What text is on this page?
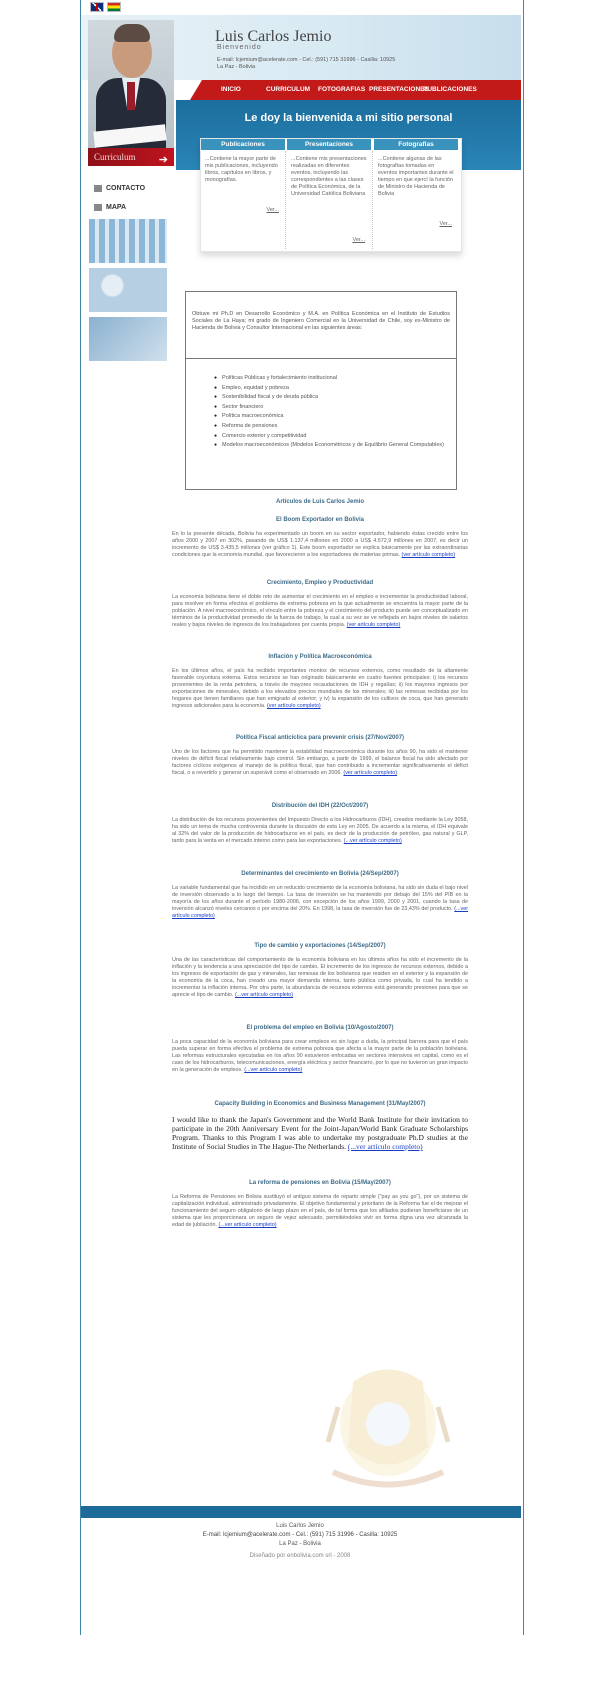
Luis Carlos Jemio
Bienvenido
E-mail: lcjemium@acelerate.com - Cel.: (591) 715 31996 - Casilla: 10925
La Paz - Bolivia
INICIO	CURRICULUM FOTOGRAFIAS PRESENTACIONES
PUBLICACIONES
Curriculum ➔
Le doy la bienvenida a mi sitio personal
Publicaciones
...Contiene la mayor parte de mis publicaciones, incluyendo libros, capítulos en libros, y monografías.
Ver...
Presentaciones
...Contiene mis presentaciones realizadas en diferentes eventos, incluyendo las correspondientes a las clases de Política Económica, de la Universidad Católica Boliviana
Ver...
Fotografías
...Contiene algunas de las fotografías tomadas en eventos importantes durante el tiempo en que ejercí la función de Ministro de Hacienda de Bolivia
Ver...
CONTACTO
MAPA
Obtuve mi Ph.D en Desarrollo Económico y M.A. en Política Económica en el Instituto de Estudios Sociales de La Haya; mi grado de Ingeniero Comercial en la Universidad de Chile, soy ex-Ministro de Hacienda de Bolivia y Consultor Internacional en las siguientes áreas:
● Políticas Públicas y fortalecimiento institucional
● Empleo, equidad y pobreza
● Sostenibilidad fiscal y de deuda pública
● Sector financiero
● Política macroeconómica
● Reforma de pensiones
● Comercio exterior y competitividad
● Modelos macroeconómicos (Modelos Econométricos y de Equilibrio General Computables)
Artículos de Luis Carlos Jemio
El Boom Exportador en Bolivia
En lo la presente década, Bolivia ha experimentado un boom en su sector exportador, habiendo éstas crecido entre los años 2000 y 2007 en 302%, pasando de US$ 1.137,4 millones en 2000 a US$ 4.572,9 millones en 2007, es decir un incremento de US$ 3.435,5 millones (ver gráfico 1). Este boom exportador se explica básicamente por las extraordinarias condiciones que la economía mundial, que favorecieron a los exportadores de materias primas. (ver artículo completo)
Crecimiento, Empleo y Productividad
La economía boliviana tiene el doble reto de aumentar el crecimiento en el empleo e incrementar la productividad laboral, para resolver en forma efectiva el problema de extrema pobreza en la que actualmente se encuentra la mayor parte de la población. A nivel macroeconómico, el vínculo entre la pobreza y el crecimiento del producto puede ser conceptualizado en términos de la productividad promedio de la fuerza de trabajo, la cual a su vez se ve reflejada en bajos niveles de salarios reales y bajos niveles de ingresos de los trabajadores por cuenta propia. (ver artículo completo)
Inflación y Política Macroeconómica
En los últimos años, el país ha recibido importantes montos de recursos externos, como resultado de la altamente favorable coyuntura externa. Estos recursos se han originado básicamente en cuatro fuentes principales: i) los recursos provenientes de la renta petrolera, a través de mayores recaudaciones de IDH y regalías; ii) los mayores ingresos por exportaciones de minerales, debido a los elevados precios mundiales de los minerales; iii) las remesas recibidas por los hogares que tienen familiares que han emigrado al exterior; y iv) la expansión de los cultivos de coca, que han generado ingresos adicionales para la economía. (ver artículo completo)
Política Fiscal anticíclica para prevenir crisis (27/Nov/2007)
Uno de los factores que ha permitido mantener la estabilidad macroeconómica durante los años 90, ha sido el mantener niveles de déficit fiscal relativamente bajo control. Sin embargo, a partir de 1999, el balance fiscal ha sido afectado por factores cíclicos exógenos al manejo de la política fiscal, que han contribuido a incrementar significativamente el déficit fiscal, o a revertirlo y generar un superávit como el observado en 2006. (ver artículo completo)
Distribución del IDH (22/Oct/2007)
La distribución de los recursos provenientes del Impuesto Directo a los Hidrocarburos (IDH), creados mediante la Ley 3058, ha sido un tema de mucha controversia durante la discusión de esta Ley en 2005. De acuerdo a la misma, el IDH equivale al 32% del valor de la producción de hidrocarburos en el país, es decir de la producción de petróleo, gas natural y GLP, tanto para la venta en el mercado interno como para las exportaciones. (...ver artículo completo)
Determinantes del crecimiento en Bolivia (24/Sep/2007)
La variable fundamental que ha incidido en un reducido crecimiento de la economía boliviana, ha sido sin duda el bajo nivel de inversión observado a lo largo del tiempo. La tasa de inversión se ha mantenido por debajo del 15% del PIB en la mayoría de los años durante el período 1980-2006, con excepción de los años 1999, 2000 y 2001, cuando la tasa de inversión alcanzó niveles cercanos o por encima del 20%. En 1998, la tasa de inversión fue de 23,43% del producto. (...ver artículo completo)
Tipo de cambio y exportaciones (14/Sep/2007)
Una de las características del comportamiento de la economía boliviana en los últimos años ha sido el incremento de la inflación y la tendencia a una apreciación del tipo de cambio. El incremento de los ingresos de recursos externos, debido a los ingresos de exportación de gas y minerales, las remesas de los bolivianos que residen en el exterior y la expansión de la economía de la coca, han creado una mayor demanda interna, tanto pública como privada, lo cual ha tendido a incrementar la inflación interna. Por otra parte, la abundancia de recursos externos está generando presiones para que se aprecie el tipo de cambio. (...ver artículo completo)
El problema del empleo en Bolivia (10/Agosto/2007)
La poca capacidad de la economía boliviana para crear empleos es sin lugar a duda, la principal barrera para que el país pueda superar en forma efectiva el problema de extrema pobreza que afecta a la mayor parte de la población boliviana. Las reformas estructurales ejecutadas en los años 90 estuvieron enfocadas en sectores intensivos en capital, como es el caso de los hidrocarburos, telecomunicaciones, energía eléctrica y sector financiero, por lo que no tuvieron un gran impacto en la generación de empleos. (...ver artículo completo)
Capacity Building in Economics and Business Management (31/May/2007)
I would like to thank the Japan's Government and the World Bank Institute for their invitation to participate in the 20th Anniversary Event for the Joint-Japan/World Bank Graduate Scholarships Program. Thanks to this Program I was able to undertake my postgraduate Ph.D studies at the Institute of Social Studies in The Hague-The Netherlands. (...ver artículo completo)
La reforma de pensiones en Bolivia (15/May/2007)
La Reforma de Pensiones en Bolivia sustituyó el antiguo sistema de reparto simple ("pay as you go"), por un sistema de capitalización individual, administrado privadamente. El objetivo fundamental y prioritario de la Reforma fue el de mejorar el funcionamiento del seguro obligatorio de largo plazo en el país, de tal forma que los afiliados pudieran beneficiarse de un sistema que les proporcionara un seguro de vejez adecuado, permitiéndoles vivir en forma digna una vez alcanzada la edad de jubilación. (...ver artículo completo)
Luis Carlos Jemio
E-mail: lcjemium@acelerate.com - Cel.: (591) 715 31996 - Casilla: 10925
La Paz - Bolivia
Diseñado por enbolivia.com srl - 2008
